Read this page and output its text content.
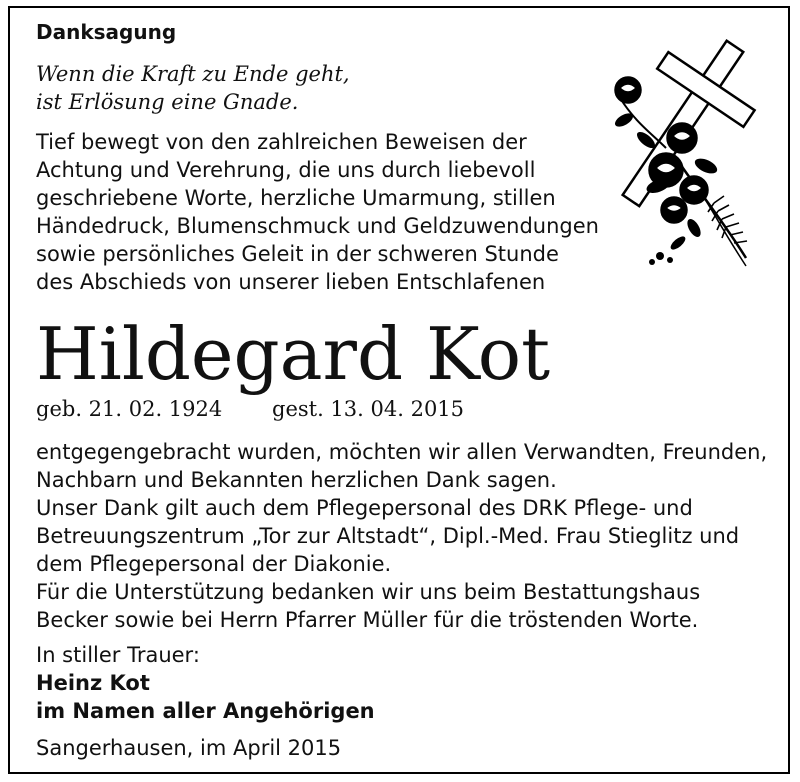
Danksagung
Wenn die Kraft zu Ende geht,
ist Erlösung eine Gnade.
Tief bewegt von den zahlreichen Beweisen der
Achtung und Verehrung, die uns durch liebevoll
geschriebene Worte, herzliche Umarmung, stillen
Händedruck, Blumenschmuck und Geldzuwendungen
sowie persönliches Geleit in der schweren Stunde
des Abschieds von unserer lieben Entschlafenen
Hildegard Kot
geb. 21. 02. 1924 gest. 13. 04. 2015
entgegengebracht wurden, möchten wir allen Verwandten, Freunden,
Nachbarn und Bekannten herzlichen Dank sagen.
Unser Dank gilt auch dem Pflegepersonal des DRK Pflege- und
Betreuungszentrum „Tor zur Altstadt“, Dipl.-Med. Frau Stieglitz und
dem Pflegepersonal der Diakonie.
Für die Unterstützung bedanken wir uns beim Bestattungshaus
Becker sowie bei Herrn Pfarrer Müller für die tröstenden Worte.
In stiller Trauer:
Heinz Kot
im Namen aller Angehörigen
Sangerhausen, im April 2015
